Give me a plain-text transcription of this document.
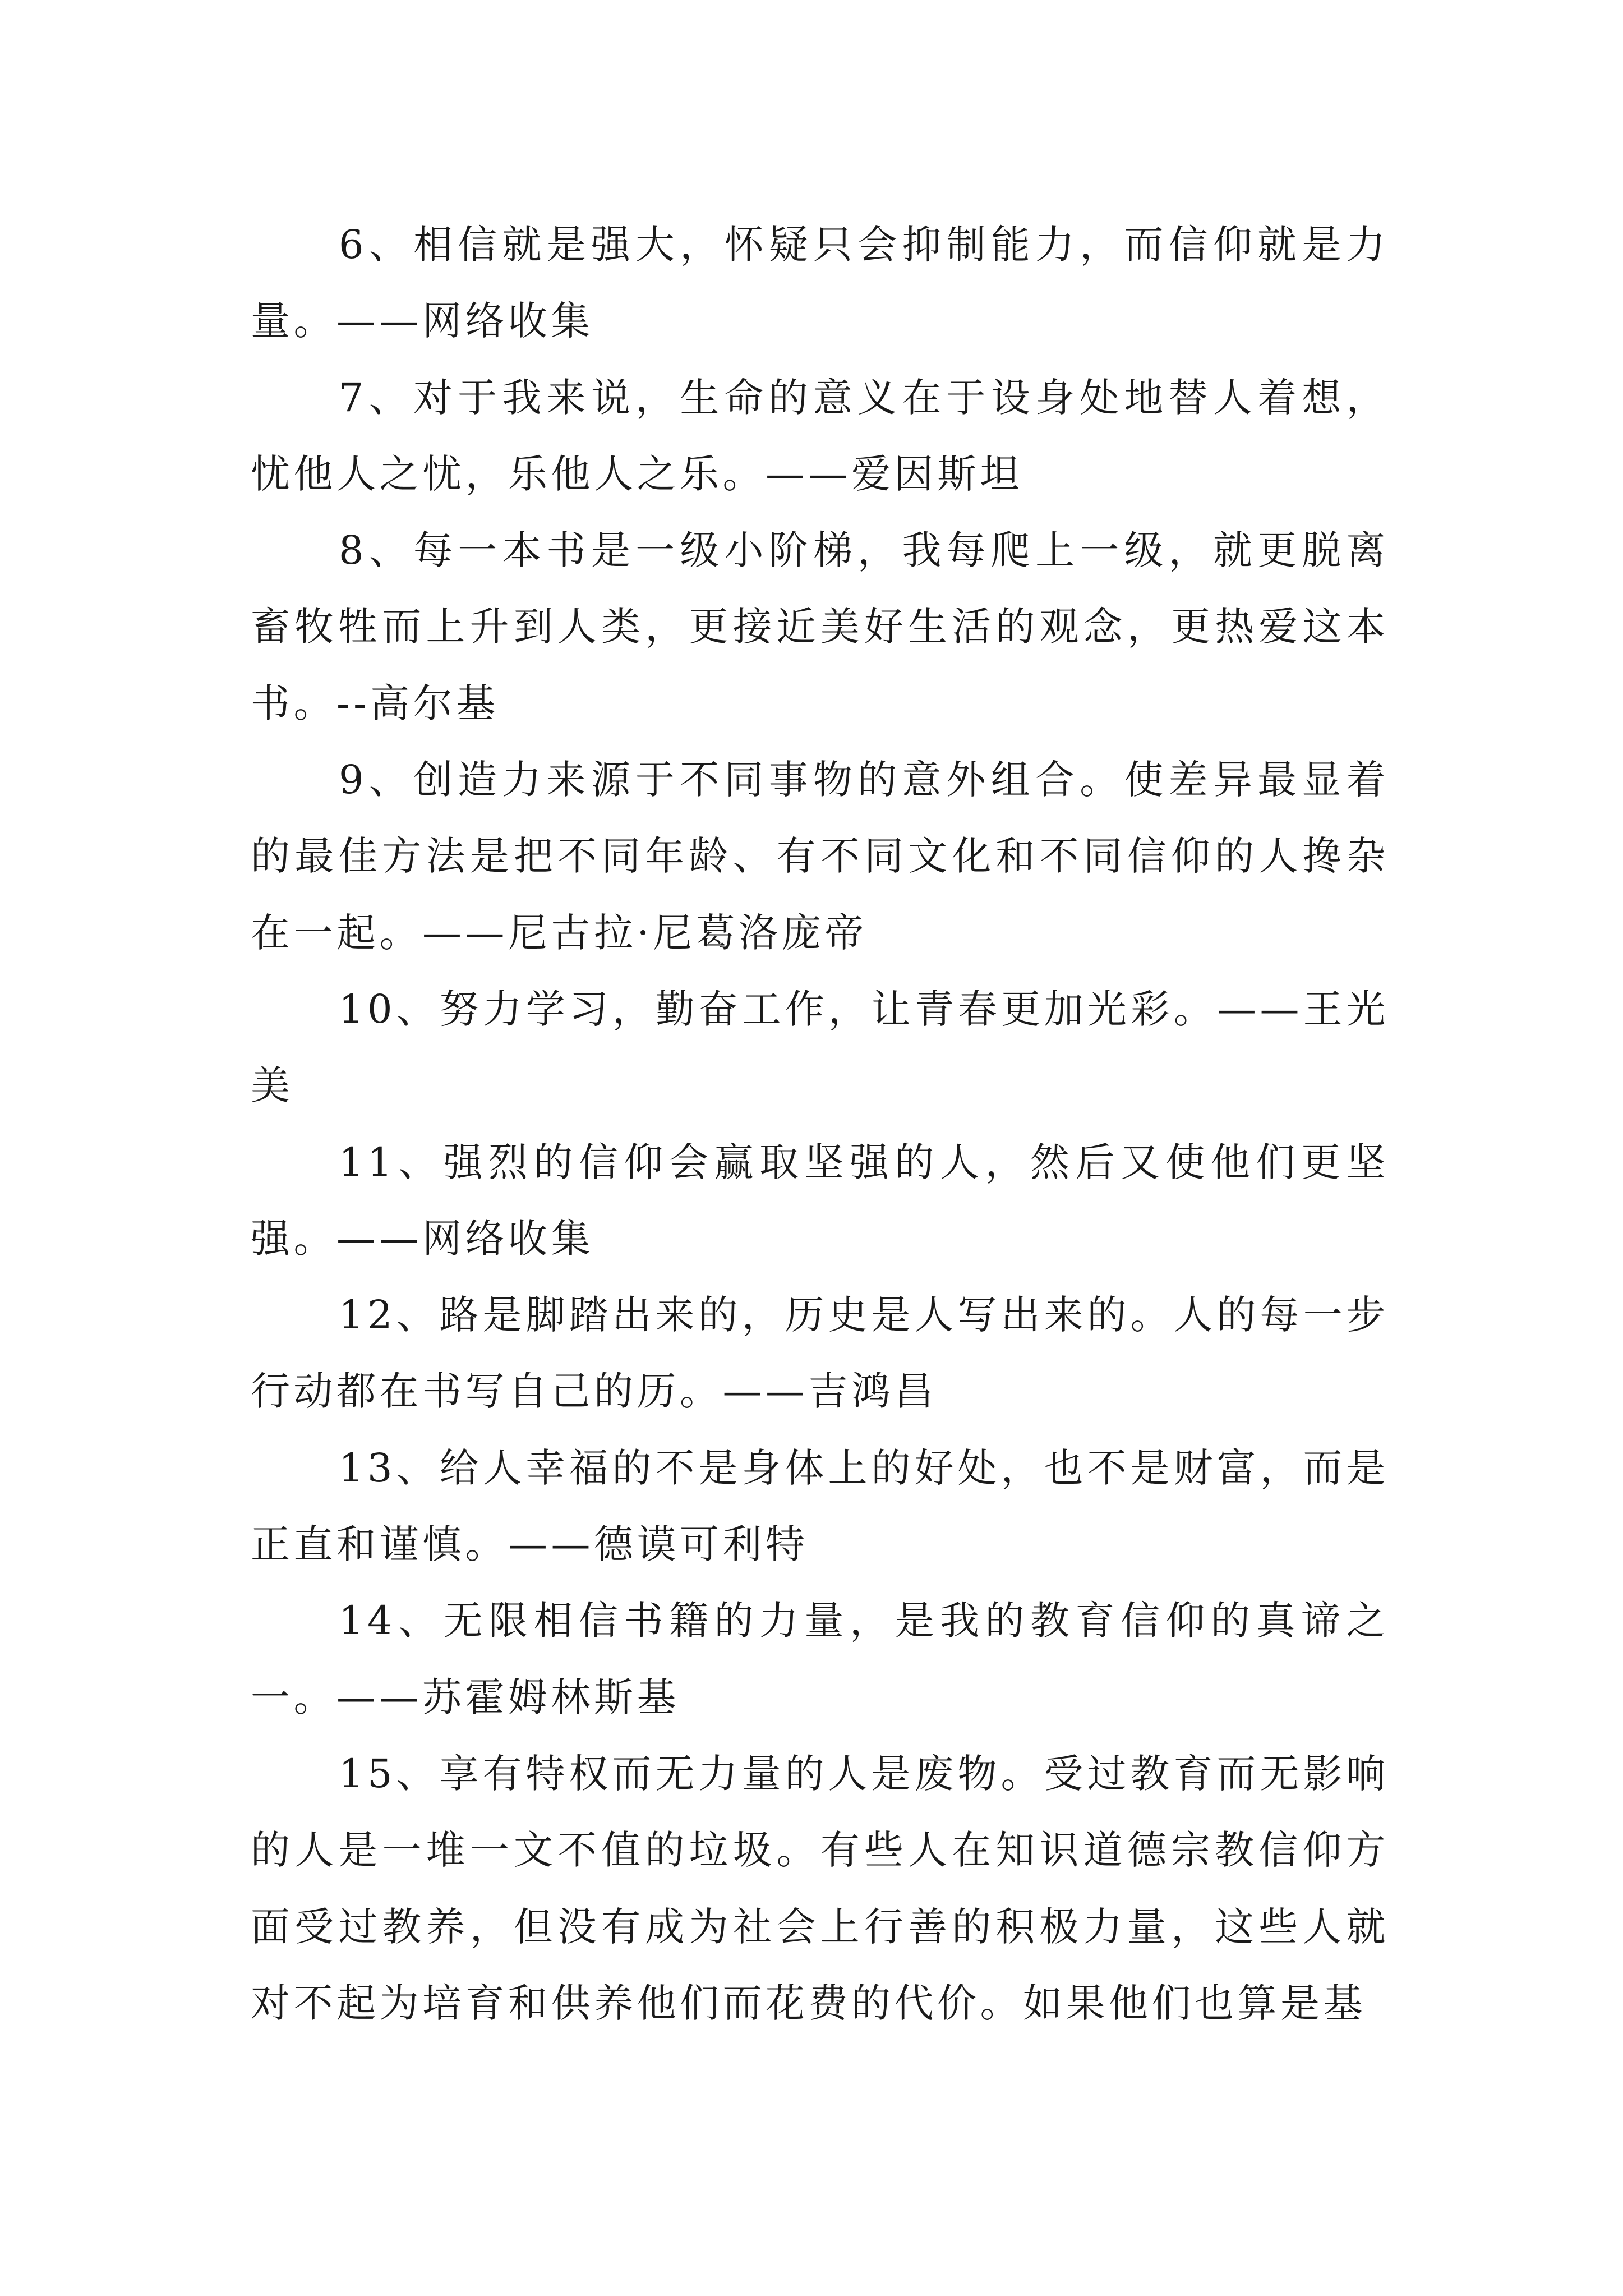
6、相信就是强大，怀疑只会抑制能力，而信仰就是力量。——网络收集

7、对于我来说，生命的意义在于设身处地替人着想，忧他人之忧，乐他人之乐。——爱因斯坦

8、每一本书是一级小阶梯，我每爬上一级，就更脱离畜牧牲而上升到人类，更接近美好生活的观念，更热爱这本书。--高尔基

9、创造力来源于不同事物的意外组合。使差异最显着的最佳方法是把不同年龄、有不同文化和不同信仰的人搀杂在一起。——尼古拉·尼葛洛庞帝

10、努力学习，勤奋工作，让青春更加光彩。——王光美

11、强烈的信仰会赢取坚强的人，然后又使他们更坚强。——网络收集

12、路是脚踏出来的，历史是人写出来的。人的每一步行动都在书写自己的历。——吉鸿昌

13、给人幸福的不是身体上的好处，也不是财富，而是正直和谨慎。——德谟可利特

14、无限相信书籍的力量，是我的教育信仰的真谛之一。——苏霍姆林斯基

15、享有特权而无力量的人是废物。受过教育而无影响的人是一堆一文不值的垃圾。有些人在知识道德宗教信仰方面受过教养，但没有成为社会上行善的积极力量，这些人就对不起为培育和供养他们而花费的代价。如果他们也算是基
